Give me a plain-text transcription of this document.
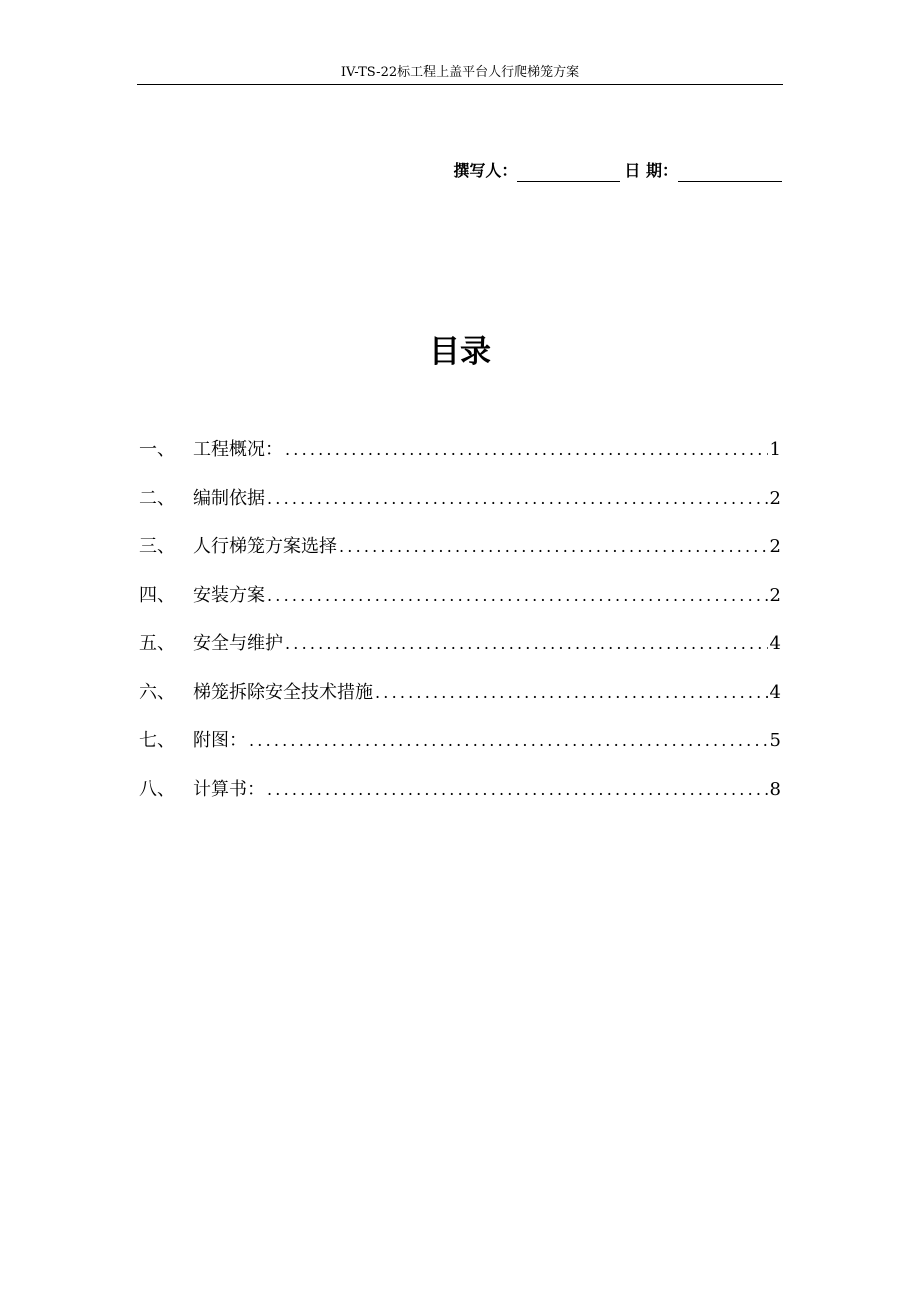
IV-TS-22标工程上盖平台人行爬梯笼方案
撰写人：	日 期：
目录
一、	工程概况： .....	1
二、	编制依据 .....	2
三、	人行梯笼方案选择 .....	2
四、	安装方案 .....	2
五、	安全与维护 .....	4
六、	梯笼拆除安全技术措施 .....	4
七、	附图： .....	5
八、	计算书： .....	8
